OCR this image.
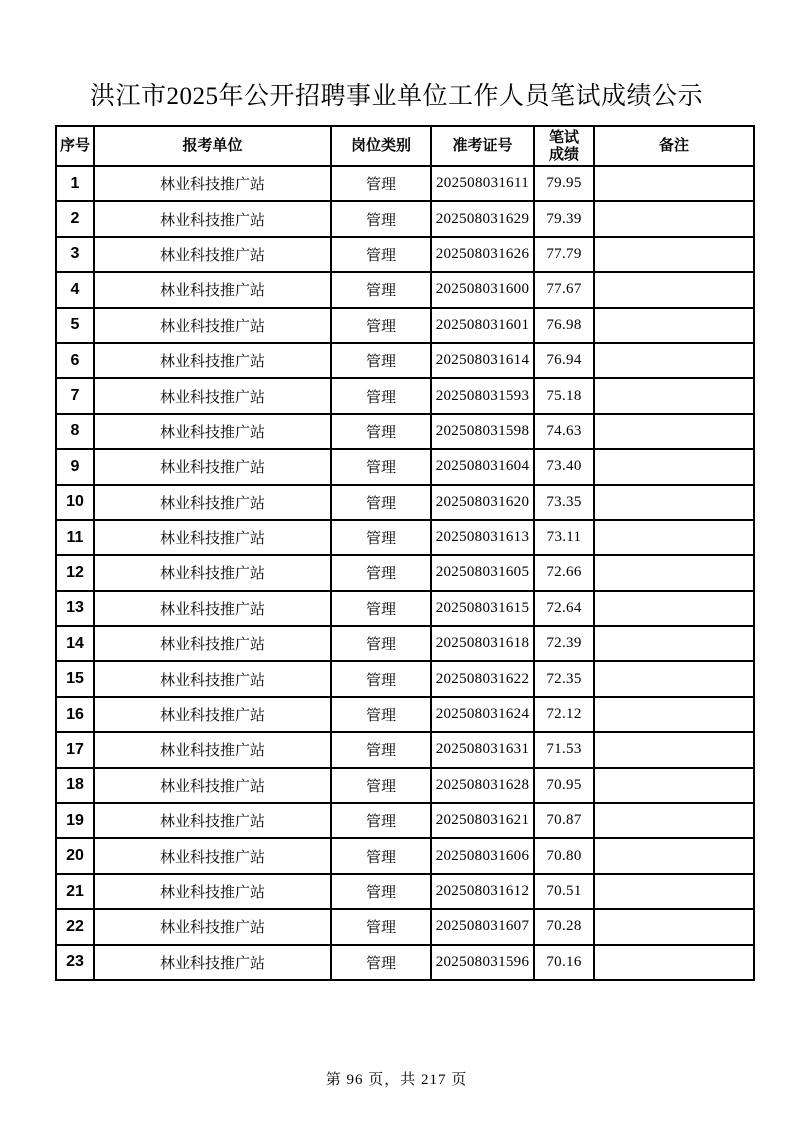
洪江市2025年公开招聘事业单位工作人员笔试成绩公示
序号	报考单位	岗位类别	准考证号	笔试成绩	备注
1	林业科技推广站	管理	202508031611	79.95	
2	林业科技推广站	管理	202508031629	79.39	
3	林业科技推广站	管理	202508031626	77.79	
4	林业科技推广站	管理	202508031600	77.67	
5	林业科技推广站	管理	202508031601	76.98	
6	林业科技推广站	管理	202508031614	76.94	
7	林业科技推广站	管理	202508031593	75.18	
8	林业科技推广站	管理	202508031598	74.63	
9	林业科技推广站	管理	202508031604	73.40	
10	林业科技推广站	管理	202508031620	73.35	
11	林业科技推广站	管理	202508031613	73.11	
12	林业科技推广站	管理	202508031605	72.66	
13	林业科技推广站	管理	202508031615	72.64	
14	林业科技推广站	管理	202508031618	72.39	
15	林业科技推广站	管理	202508031622	72.35	
16	林业科技推广站	管理	202508031624	72.12	
17	林业科技推广站	管理	202508031631	71.53	
18	林业科技推广站	管理	202508031628	70.95	
19	林业科技推广站	管理	202508031621	70.87	
20	林业科技推广站	管理	202508031606	70.80	
21	林业科技推广站	管理	202508031612	70.51	
22	林业科技推广站	管理	202508031607	70.28	
23	林业科技推广站	管理	202508031596	70.16	
第 96 页，共 217 页
